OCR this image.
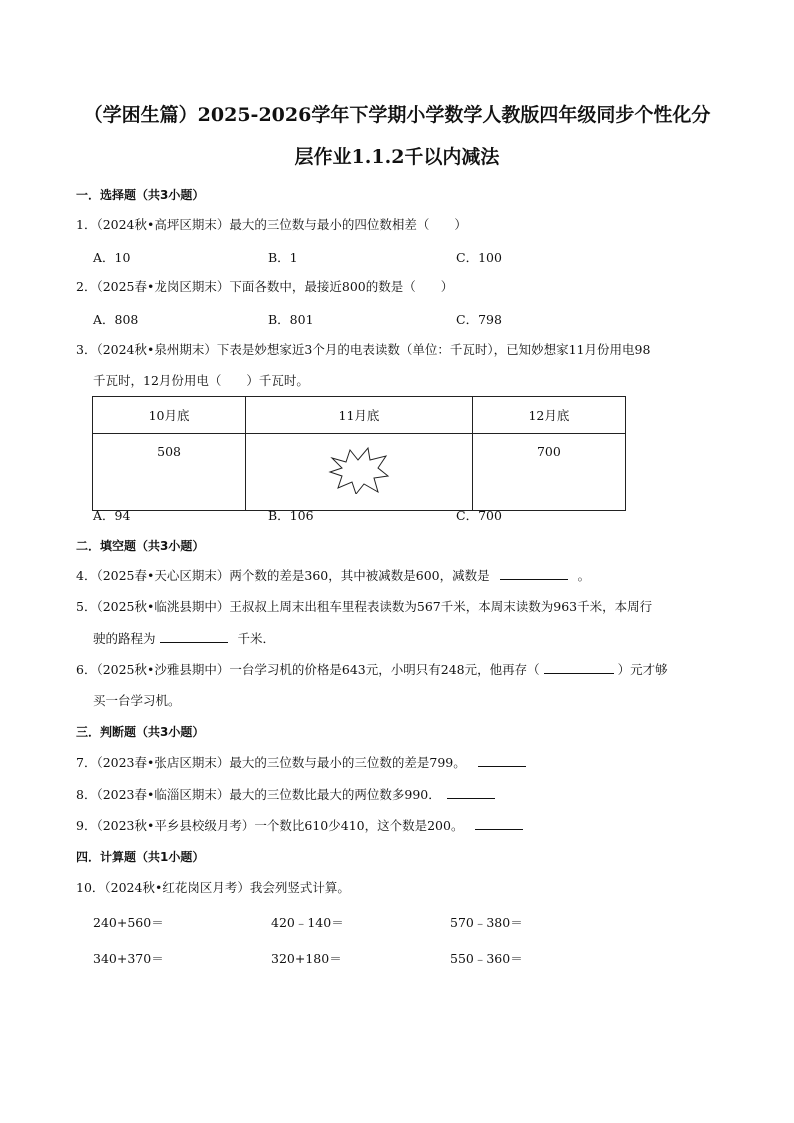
（学困生篇）2025-2026学年下学期小学数学人教版四年级同步个性化分
层作业1.1.2千以内减法
一．选择题（共3小题）
1．（2024秋•高坪区期末）最大的三位数与最小的四位数相差（　　）
A．10	B．1	C．100
2．（2025春•龙岗区期末）下面各数中，最接近800的数是（　　）
A．808	B．801	C．798
3．（2024秋•泉州期末）下表是妙想家近3个月的电表读数（单位：千瓦时），已知妙想家11月份用电98
千瓦时，12月份用电（　　）千瓦时。
10月底	11月底	12月底
508		700
A．94	B．106	C．700
二．填空题（共3小题）
4．（2025春•天心区期末）两个数的差是360，其中被减数是600，减数是	。
5．（2025秋•临洮县期中）王叔叔上周末出租车里程表读数为567千米，本周末读数为963千米，本周行
驶的路程为	千米．
6．（2025秋•沙雅县期中）一台学习机的价格是643元，小明只有248元，他再存（	）元才够
买一台学习机。
三．判断题（共3小题）
7．（2023春•张店区期末）最大的三位数与最小的三位数的差是799。
8．（2023春•临淄区期末）最大的三位数比最大的两位数多990．
9．（2023秋•平乡县校级月考）一个数比610少410，这个数是200。
四．计算题（共1小题）
10．（2024秋•红花岗区月考）我会列竖式计算。
240+560＝	420﹣140＝	570﹣380＝
340+370＝	320+180＝	550﹣360＝
